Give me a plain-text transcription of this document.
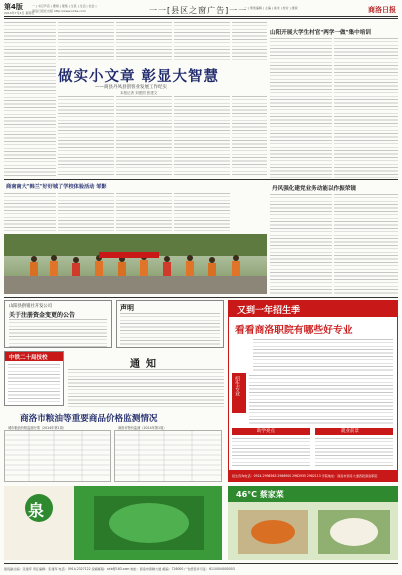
第4版
2014年7月4日 星期五
一 | 书记声音 | 要闻 | 观察 | 全民 | 生活 | 社会 |
商洛日报社出版 http://www.slrbs.com	一一[县区之窗广告]一一
一 | 策划编辑 | 主编 | 美术 | 校对 | 排版	商洛日报
做实小文章 彰显大智慧
——商县丹凤县创客业发展工作纪实
本报记者 刘建国 张建文
山阳开展大学生村官"两学一做"集中培训
商南南大"韩兰"好好城了学校体验活动 邹影	丹风强化建党业务动能以作振荣镜
山阳县供销社开发公司
关于注册资金变更的公告
声明
中铁二十局技校
通知
又到一年招生季
看看商洛职院有哪些好专业
招生专业
助学亮点	就业前景
招生咨询电话：0914-2998363 2986900 2982935 2982113 学院地址：商洛市商丹大道西段商洛职院
商洛市粮油等重要商品价格监测情况
城市粮油价格监测行情（2014年第1周）	商洛市物价监测（2014年第1周）
泉
46°C 蔡家菜
值班副总编：张建军 责任编辑：张建军 电话：0914-2327122 投稿邮箱：slrb@163.com 地址：商洛市商鞅大道 邮编：726000 广告经营许可证：6110004000003
